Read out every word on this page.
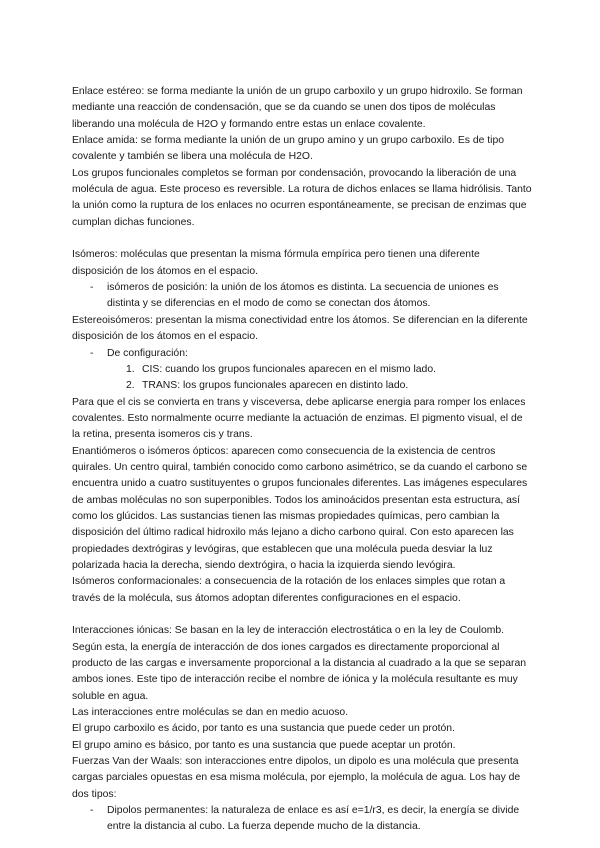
Enlace estéreo: se forma mediante la unión de un grupo carboxilo y un grupo hidroxilo. Se forman mediante una reacción de condensación, que se da cuando se unen dos tipos de moléculas liberando una molécula de H2O y formando entre estas un enlace covalente.

Enlace amida: se forma mediante la unión de un grupo amino y un grupo carboxilo. Es de tipo covalente y también se libera una molécula de H2O.

Los grupos funcionales completos se forman por condensación, provocando la liberación de una molécula de agua. Este proceso es reversible. La rotura de dichos enlaces se llama hidrólisis. Tanto la unión como la ruptura de los enlaces no ocurren espontáneamente, se precisan de enzimas que cumplan dichas funciones.

Isómeros: moléculas que presentan la misma fórmula empírica pero tienen una diferente disposición de los átomos en el espacio.

- isómeros de posición: la unión de los átomos es distinta. La secuencia de uniones es distinta y se diferencias en el modo de como se conectan dos átomos.

Estereoisómeros: presentan la misma conectividad entre los átomos. Se diferencian en la diferente disposición de los átomos en el espacio.

- De configuración:
1. CIS: cuando los grupos funcionales aparecen en el mismo lado.
2. TRANS: los grupos funcionales aparecen en distinto lado.

Para que el cis se convierta en trans y visceversa, debe aplicarse energia para romper los enlaces covalentes. Esto normalmente ocurre mediante la actuación de enzimas. El pigmento visual, el de la retina, presenta isomeros cis y trans.

Enantiómeros o isómeros ópticos: aparecen como consecuencia de la existencia de centros quirales. Un centro quiral, también conocido como carbono asimétrico, se da cuando el carbono se encuentra unido a cuatro sustituyentes o grupos funcionales diferentes. Las imágenes especulares de ambas moléculas no son superponibles. Todos los aminoácidos presentan esta estructura, así como los glúcidos. Las sustancias tienen las mismas propiedades químicas, pero cambian la disposición del último radical hidroxilo más lejano a dicho carbono quiral. Con esto aparecen las propiedades dextrógiras y levógiras, que establecen que una molécula pueda desviar la luz polarizada hacia la derecha, siendo dextrógira, o hacia la izquierda siendo levógira.

Isómeros conformacionales: a consecuencia de la rotación de los enlaces simples que rotan a través de la molécula, sus átomos adoptan diferentes configuraciones en el espacio.

Interacciones iónicas: Se basan en la ley de interacción electrostática o en la ley de Coulomb. Según esta, la energía de interacción de dos iones cargados es directamente proporcional al producto de las cargas e inversamente proporcional a la distancia al cuadrado a la que se separan ambos iones. Este tipo de interacción recibe el nombre de iónica y la molécula resultante es muy soluble en agua.

Las interacciones entre moléculas se dan en medio acuoso.

El grupo carboxilo es ácido, por tanto es una sustancia que puede ceder un protón.

El grupo amino es básico, por tanto es una sustancia que puede aceptar un protón.

Fuerzas Van der Waals: son interacciones entre dipolos, un dipolo es una molécula que presenta cargas parciales opuestas en esa misma molécula, por ejemplo, la molécula de agua. Los hay de dos tipos:

- Dipolos permanentes: la naturaleza de enlace es así e=1/r3, es decir, la energía se divide entre la distancia al cubo. La fuerza depende mucho de la distancia.
